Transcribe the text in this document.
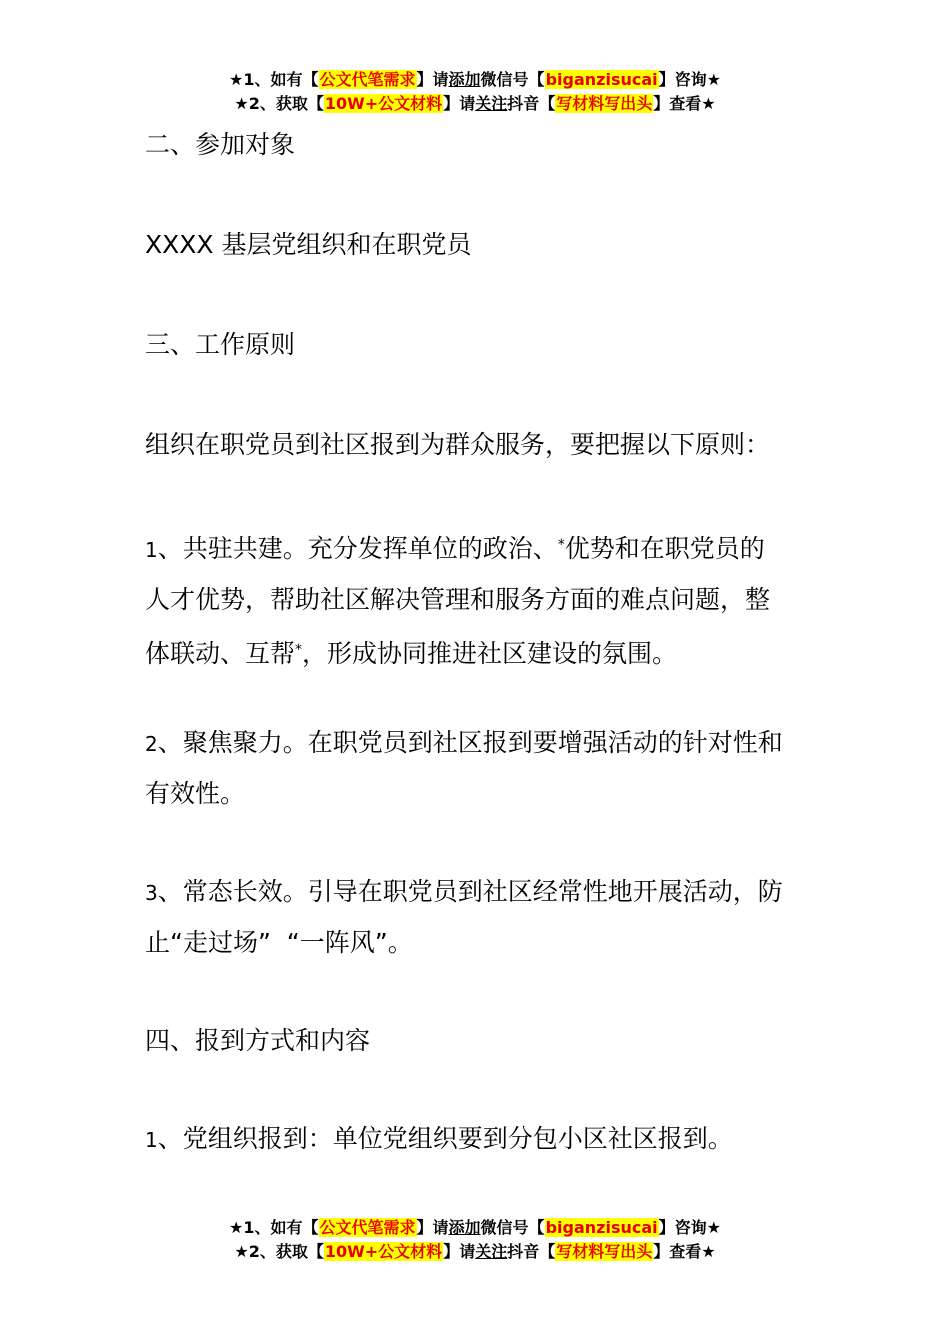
★1、如有【公文代笔需求】请添加微信号【biganzisucai】咨询★
★2、获取【10W+公文材料】请关注抖音【写材料写出头】查看★
二、参加对象
XXXX 基层党组织和在职党员
三、工作原则
组织在职党员到社区报到为群众服务，要把握以下原则：
1、共驻共建。充分发挥单位的政治、*优势和在职党员的
人才优势，帮助社区解决管理和服务方面的难点问题，整
体联动、互帮*，形成协同推进社区建设的氛围。
2、聚焦聚力。在职党员到社区报到要增强活动的针对性和
有效性。
3、常态长效。引导在职党员到社区经常性地开展活动，防
止“走过场”  “一阵风”。
四、报到方式和内容
1、党组织报到：单位党组织要到分包小区社区报到。
★1、如有【公文代笔需求】请添加微信号【biganzisucai】咨询★
★2、获取【10W+公文材料】请关注抖音【写材料写出头】查看★
